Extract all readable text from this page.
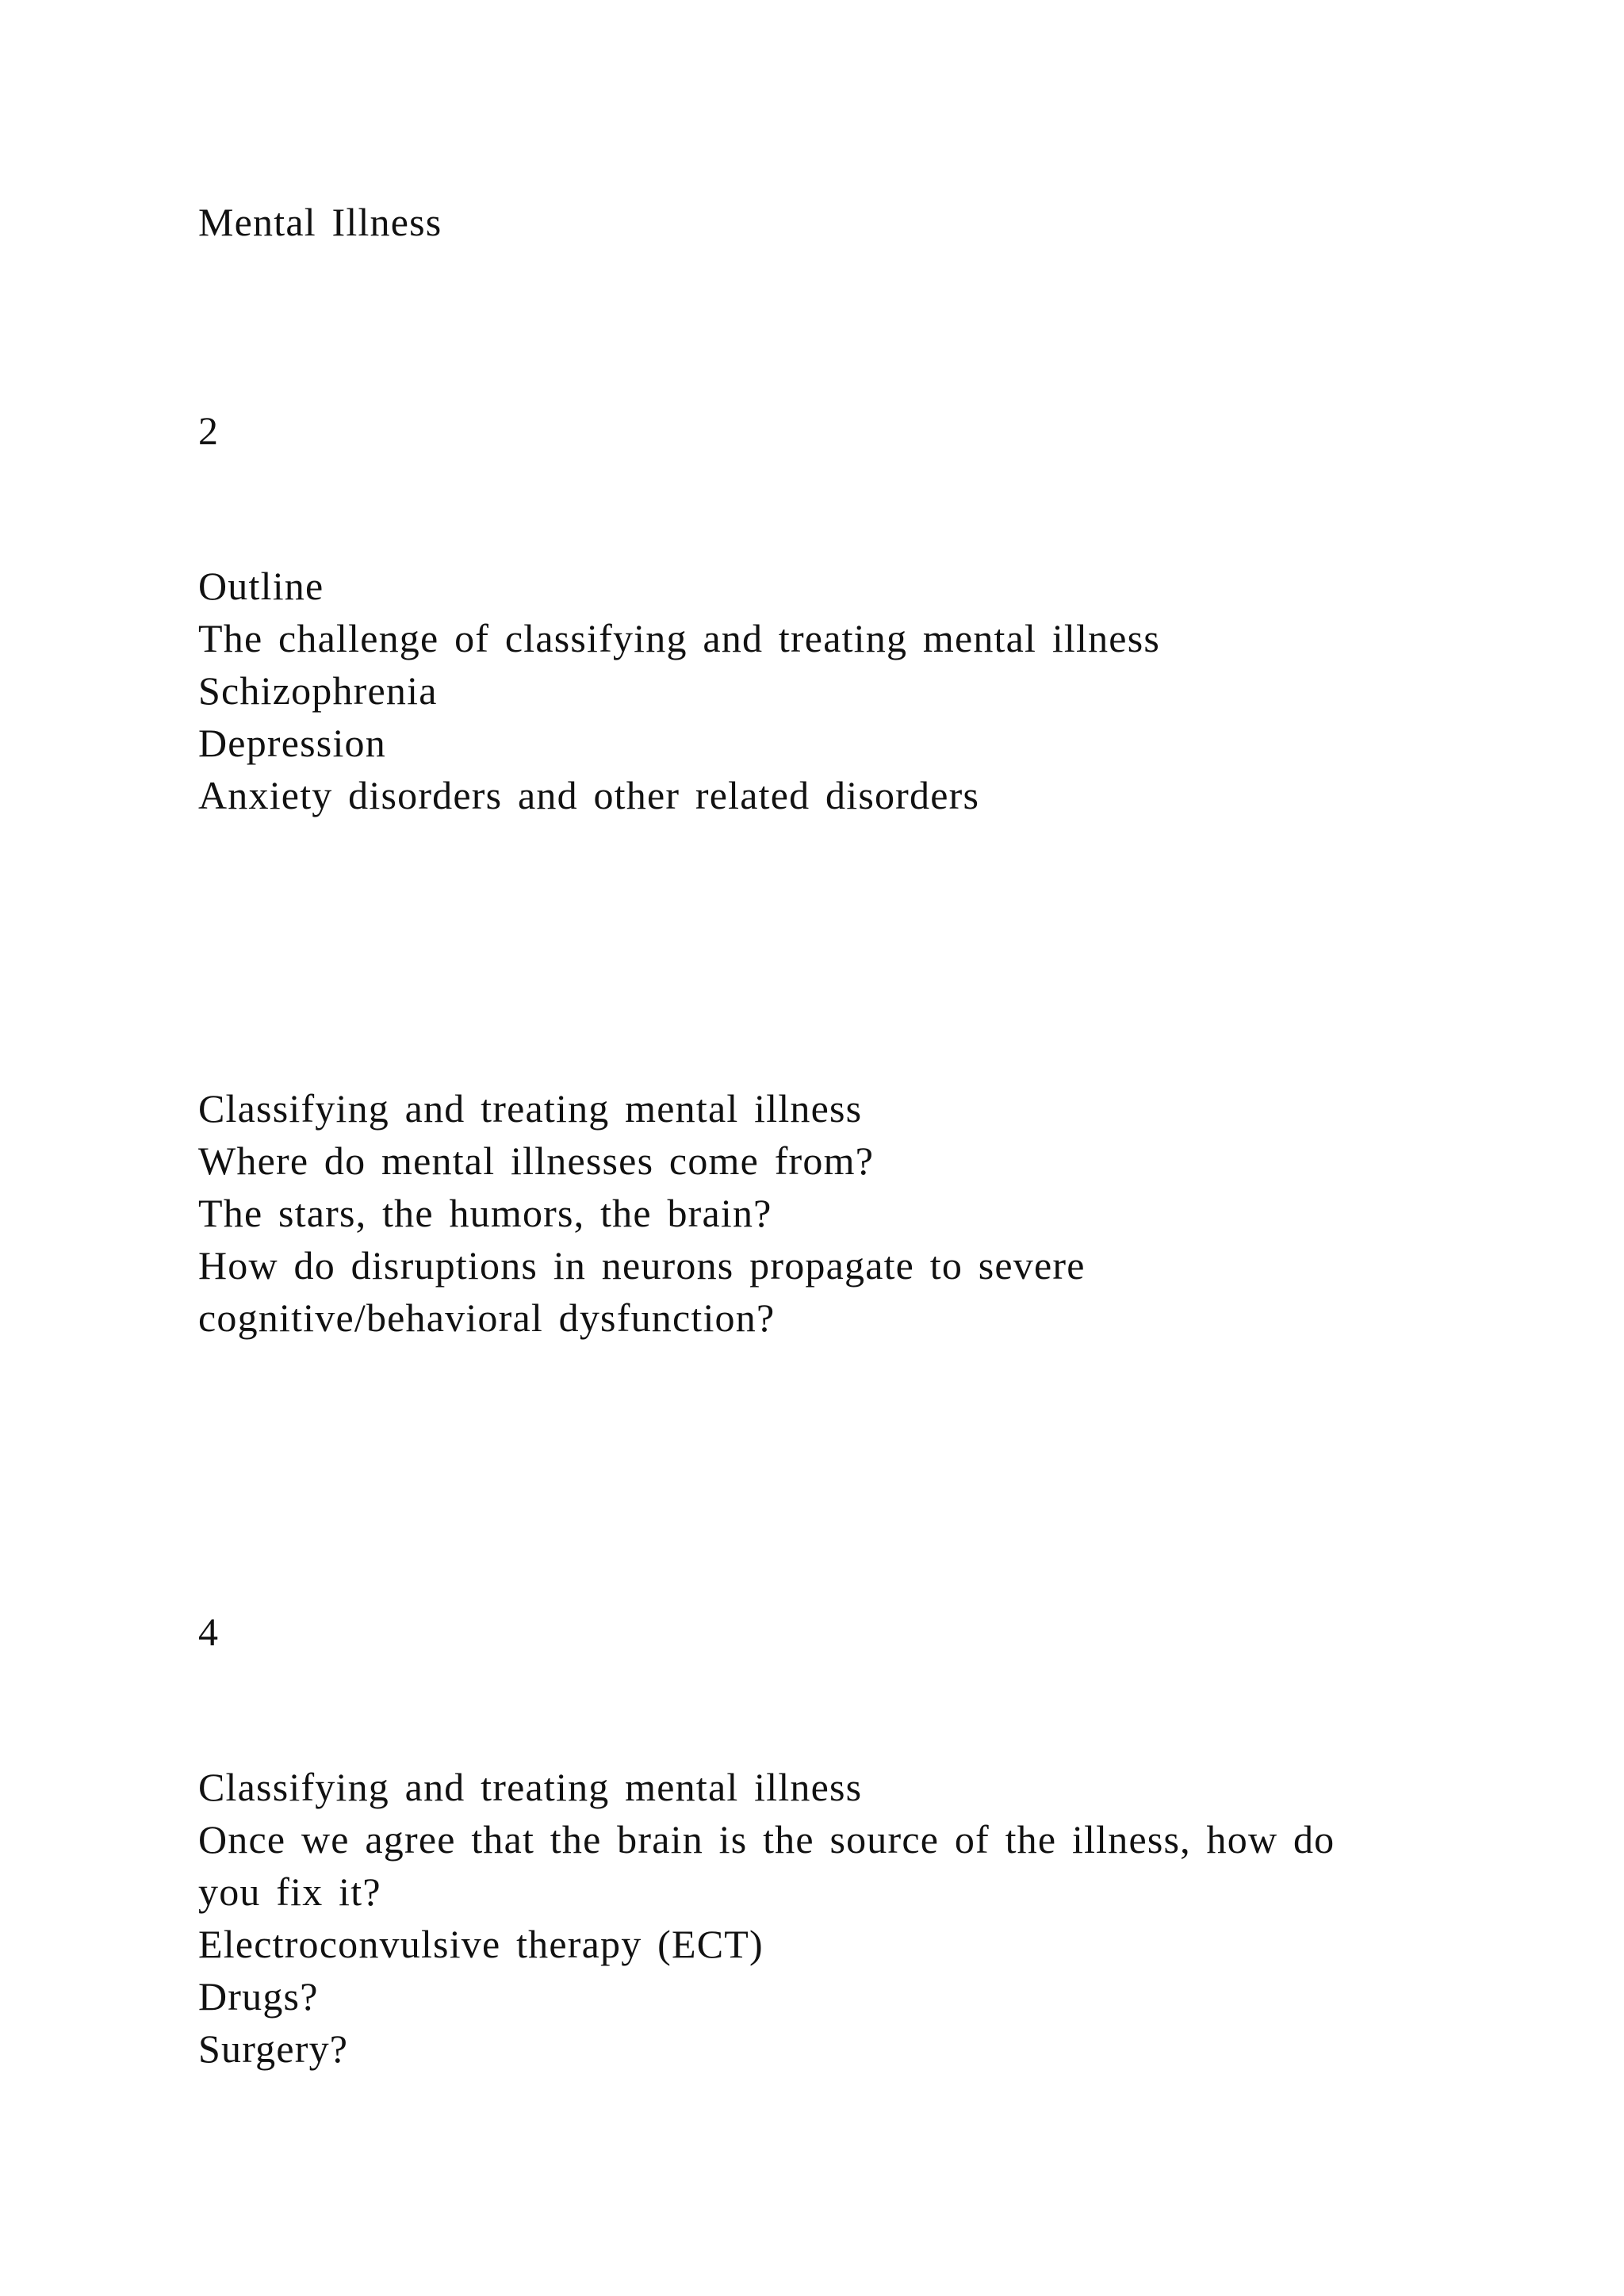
Mental Illness

2

Outline

The challenge of classifying and treating mental illness

Schizophrenia

Depression

Anxiety disorders and other related disorders

Classifying and treating mental illness

Where do mental illnesses come from?

The stars, the humors, the brain?

How do disruptions in neurons propagate to severe

cognitive/behavioral dysfunction?

4

Classifying and treating mental illness

Once we agree that the brain is the source of the illness, how do

you fix it?

Electroconvulsive therapy (ECT)

Drugs?

Surgery?
